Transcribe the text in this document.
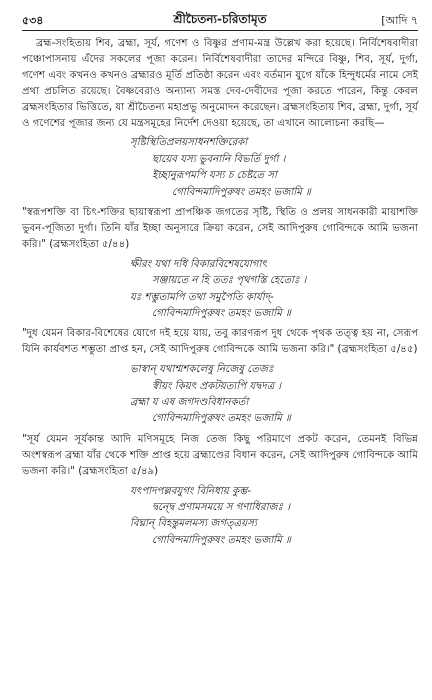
৫৩৪	শ্রীচৈতন্য-চরিতামৃত	[আদি ৭

ব্রহ্ম-সংহিতায় শিব, ব্রহ্মা, সূর্য, গণেশ ও বিষ্ণুর প্রণাম-মন্ত্র উল্লেখ করা হয়েছে। নির্বিশেষবাদীরা পঞ্চোপাসনায় এঁদের সকলের পূজা করেন। নির্বিশেষবাদীরা তাদের মন্দিরে বিষ্ণু, শিব, সূর্য, দুর্গা, গণেশ এবং কখনও কখনও ব্রহ্মারও মূর্তি প্রতিষ্ঠা করেন এবং বর্তমান যুগে যাঁকে হিন্দুধর্মের নামে সেই প্রথা প্রচলিত রয়েছে। বৈষ্ণবেরাও অন্যান্য সমস্ত দেব-দেবীদের পূজা করতে পারেন, কিন্তু কেবল ব্রহ্মসংহিতার ভিত্তিতে, যা শ্রীচৈতন্য মহাপ্রভু অনুমোদন করেছেন। ব্রহ্মসংহিতায় শিব, ব্রহ্মা, দুর্গা, সূর্য ও গণেশের পূজার জন্য যে মন্ত্রসমূহের নির্দেশ দেওয়া হয়েছে, তা এখানে আলোচনা করছি—

সৃষ্টিস্থিতিপ্রলয়সাধনশক্তিরেকা
ছায়েব যস্য ভুবনানি বিভর্তি দুর্গা ।
ইচ্ছানুরূপমপি যস্য চ চেষ্টতে সা
গোবিন্দমাদিপুরুষং তমহং ভজামি ॥

"স্বরূপশক্তি বা চিৎ-শক্তির ছায়াস্বরূপা প্রাপঞ্চিক জগতের সৃষ্টি, স্থিতি ও প্রলয় সাধনকারী মায়াশক্তি ভুবন-পূজিতা দুর্গা। তিনি যাঁর ইচ্ছা অনুসারে ক্রিয়া করেন, সেই আদিপুরুষ গোবিন্দকে আমি ভজনা করি।" (ব্রহ্মসংহিতা ৫/৪৪)

ক্ষীরং যথা দধি বিকারবিশেষযোগাৎ
সঞ্জায়তে ন হি ততঃ পৃথগস্তি হেতোঃ ।
যঃ শম্ভুতামপি তথা সমুপৈতি কার্যাদ্-
গোবিন্দমাদিপুরুষং তমহং ভজামি ॥

"দুধ যেমন বিকার-বিশেষের যোগে দই হয়ে যায়, তবু কারণরূপ দুধ থেকে পৃথক তত্ত্ব হয় না, সেরূপ যিনি কার্যবশত শম্ভুতা প্রাপ্ত হন, সেই আদিপুরুষ গোবিন্দকে আমি ভজনা করি।" (ব্রহ্মসংহিতা ৫/৪৫)

ভাস্বান্ যথাশ্মশকলেষু নিজেষু তেজঃ
স্বীয়ং কিয়ৎ প্রকটয়ত্যপি যদ্বদত্র ।
ব্রহ্মা য এষ জগদণ্ডবিধানকর্তা
গোবিন্দমাদিপুরুষং তমহং ভজামি ॥

"সূর্য যেমন সূর্যকান্ত আদি মণিসমূহে নিজ তেজ কিছু পরিমাণে প্রকট করেন, তেমনই বিভিন্ন অংশস্বরূপ ব্রহ্মা যাঁর থেকে শক্তি প্রাপ্ত হয়ে ব্রহ্মাণ্ডের বিধান করেন, সেই আদিপুরুষ গোবিন্দকে আমি ভজনা করি।" (ব্রহ্মসংহিতা ৫/৪৯)

যৎপাদপল্লবযুগং বিনিধায় কুম্ভ-
দ্বন্দ্বে প্রণামসময়ে স গণাধিরাজঃ ।
বিঘ্নান্ বিহন্তুমলমস্য জগত্ত্রয়স্য
গোবিন্দমাদিপুরুষং তমহং ভজামি ॥
